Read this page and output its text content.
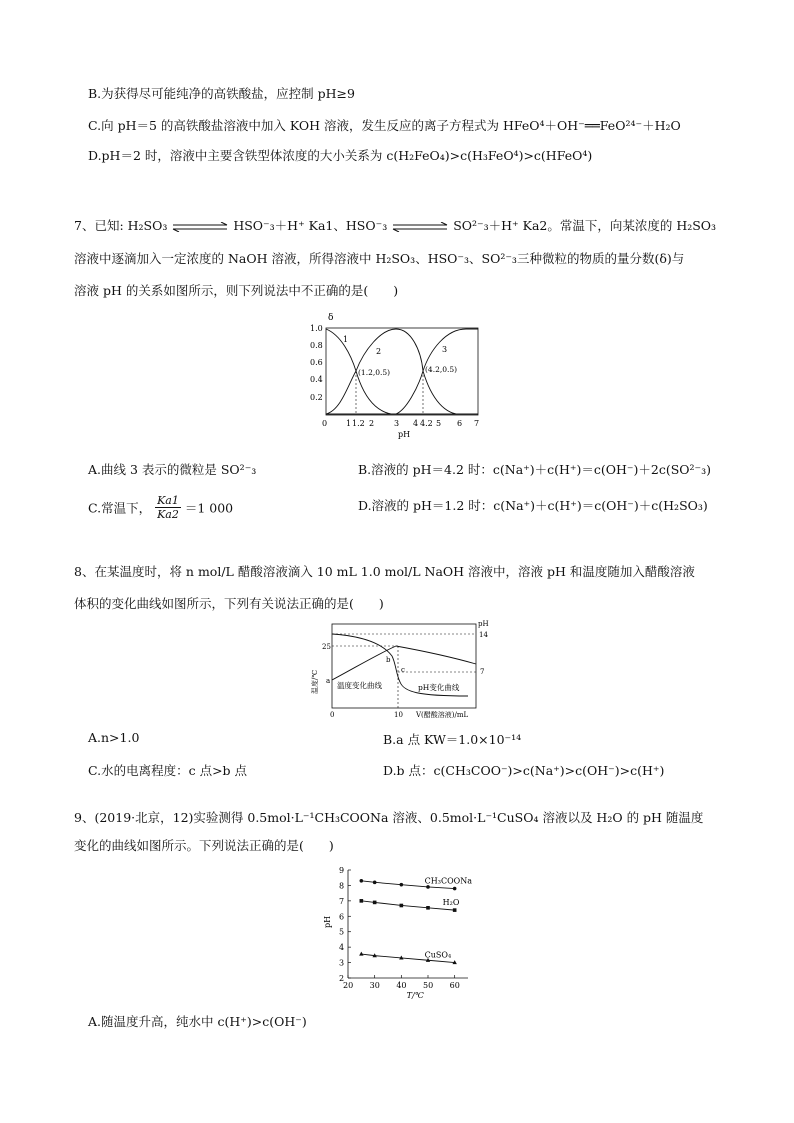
B.为获得尽可能纯净的高铁酸盐，应控制 pH≥9
C.向 pH＝5 的高铁酸盐溶液中加入 KOH 溶液，发生反应的离子方程式为 HFeO⁴＋OH⁻══FeO²⁴⁻＋H₂O
D.pH＝2 时，溶液中主要含铁型体浓度的大小关系为 c(H₂FeO₄)>c(H₃FeO⁴)>c(HFeO⁴)
7、已知: H₂SO₃	HSO⁻₃＋H⁺ Ka1、HSO⁻₃	SO²⁻₃＋H⁺ Ka2。常温下，向某浓度的 H₂SO₃
溶液中逐滴加入一定浓度的 NaOH 溶液，所得溶液中 H₂SO₃、HSO⁻₃、SO²⁻₃三种微粒的物质的量分数(δ)与
溶液 pH 的关系如图所示，则下列说法中不正确的是(　　)
δ
1.0
0.8
0.6
0.4
0.2
1
2	3
(1.2,0.5)	(4.2,0.5)
0 1 1.2 2 3 4 4.2 5 6 7
pH
A.曲线 3 表示的微粒是 SO²⁻₃	B.溶液的 pH＝4.2 时：c(Na⁺)＋c(H⁺)＝c(OH⁻)＋2c(SO²⁻₃)
C.常温下， $\frac{Ka1}{Ka2} =1$ 000	D.溶液的 pH＝1.2 时：c(Na⁺)＋c(H⁺)＝c(OH⁻)＋c(H₂SO₃)
8、在某温度时，将 n mol/L 醋酸溶液滴入 10 mL 1.0 mol/L NaOH 溶液中，溶液 pH 和温度随加入醋酸溶液
体积的变化曲线如图所示，下列有关说法正确的是(　　)
pH
14
7
25
a
温度/℃
b
c
温度变化曲线	pH变化曲线
0	10 V(醋酸溶液)/mL
A.n>1.0	B.a 点 KW＝1.0×10⁻¹⁴
C.水的电离程度：c 点>b 点	D.b 点：c(CH₃COO⁻)>c(Na⁺)>c(OH⁻)>c(H⁺)
9、(2019·北京，12)实验测得 0.5mol·L⁻¹CH₃COONa 溶液、0.5mol·L⁻¹CuSO₄ 溶液以及 H₂O 的 pH 随温度
变化的曲线如图所示。下列说法正确的是(　　)
9
8
7
6
5
4
3
2
20 30 40 50 60
pH
T/℃
CH₃COONa
H₂O
CuSO₄
A.随温度升高，纯水中 c(H⁺)>c(OH⁻)
